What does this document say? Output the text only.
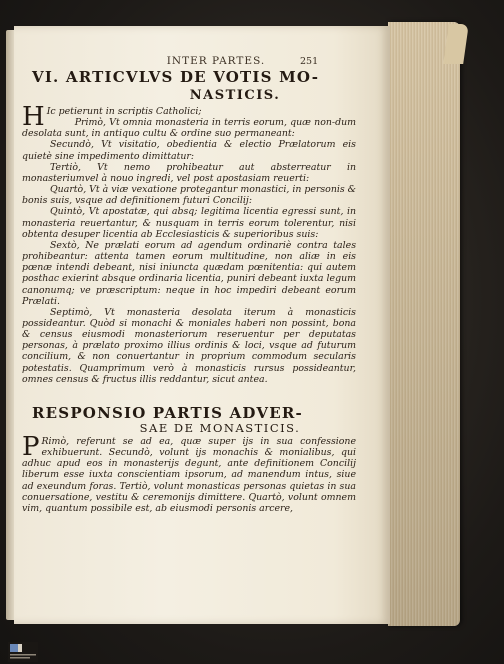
INTER PARTES.	251
VI. ARTICVLVS DE VOTIS MO-
NASTICIS.

H Ic petierunt in scriptis Catholici;

Primò, Vt omnia monasteria in terris eorum, quæ non-dum desolata sunt, in antiquo cultu & ordine suo permaneant:

Secundò, Vt visitatio, obedientia & electio Prælatorum eis quietè sine impedimento dimittatur:

Tertiò, Vt nemo prohibeatur aut absterreatur in monasteriumvel à nouo ingredi, vel post apostasiam reuerti:

Quartò, Vt à viæ vexatione protegantur monastici, in personis & bonis suis, vsque ad definitionem futuri Concilij:

Quintò, Vt apostatæ, qui absq; legitima licentia egressi sunt, in monasteria reuertantur, & nusquam in terris eorum tolerentur, nisi obtenta desuper licentia ab Ecclesiasticis & superioribus suis:

Sextò, Ne prælati eorum ad agendum ordinariè contra tales prohibeantur: attenta tamen eorum multitudine, non aliæ in eis pœnæ intendi debeant, nisi iniuncta quædam pœnitentia: qui autem posthac exierint absque ordinaria licentia, puniri debeant iuxta legum canonumq; ve præscriptum: neque in hoc impediri debeant eorum Prælati.

Septimò, Vt monasteria desolata iterum à monasticis possideantur. Quòd si monachi & moniales haberi non possint, bona & census eiusmodi monasteriorum reseruentur per deputatas personas, à prælato proximo illius ordinis & loci, vsque ad futurum concilium, & non conuertantur in proprium commodum secularis potestatis. Quamprimum verò à monasticis rursus possideantur, omnes census & fructus illis reddantur, sicut antea.

RESPONSIO PARTIS ADVER-
SAE DE MONASTICIS.

P Rimò, referunt se ad ea, quæ super ijs in sua confessione exhibuerunt. Secundò, volunt ijs monachis & monialibus, qui adhuc apud eos in monasterijs degunt, ante definitionem Concilij liberum esse iuxta conscientiam ipsorum, ad manendum intus, siue ad exeundum foras. Tertiò, volunt monasticas personas quietas in sua conuersatione, vestitu & ceremonijs dimittere. Quartò, volunt omnem vim, quantum possibile est, ab eiusmodi personis arcere,
